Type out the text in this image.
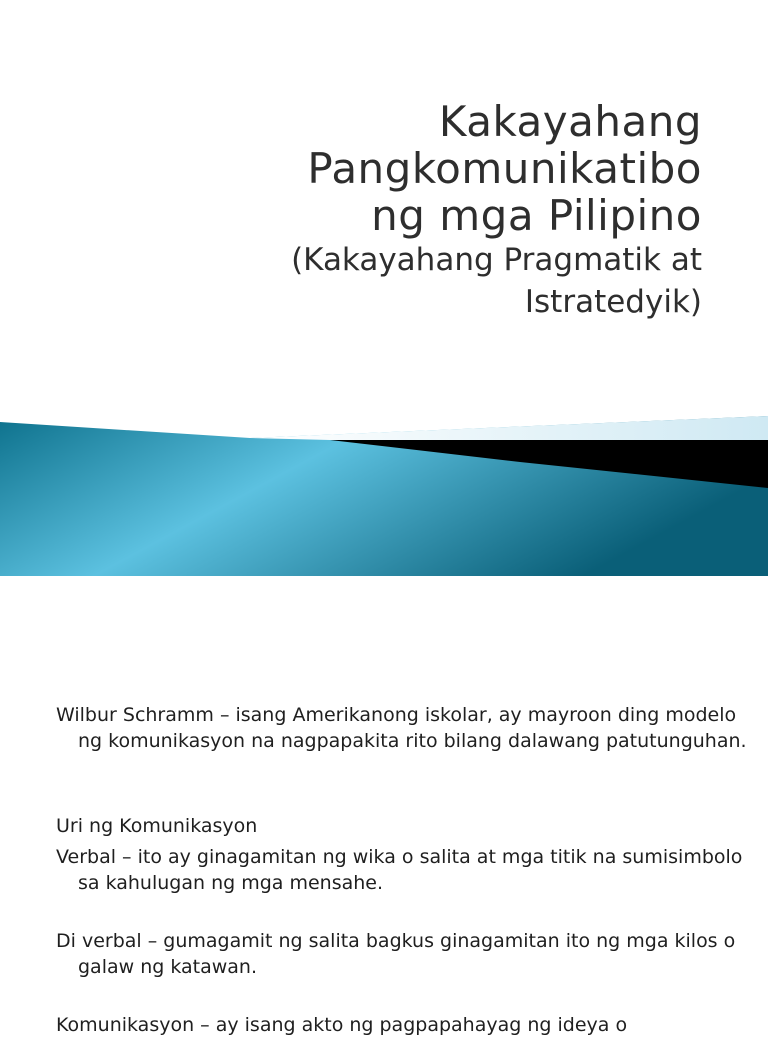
Kakayahang
Pangkomunikatibo
ng mga Pilipino
(Kakayahang Pragmatik at
Istratedyik)
Wilbur Schramm – isang Amerikanong iskolar, ay mayroon ding modelo ng komunikasyon na nagpapakita rito bilang dalawang patutunguhan.
Uri ng Komunikasyon
Verbal – ito ay ginagamitan ng wika o salita at mga titik na sumisimbolo sa kahulugan ng mga mensahe.
Di verbal – gumagamit ng salita bagkus ginagamitan ito ng mga kilos o galaw ng katawan.
Komunikasyon – ay isang akto ng pagpapahayag ng ideya o
